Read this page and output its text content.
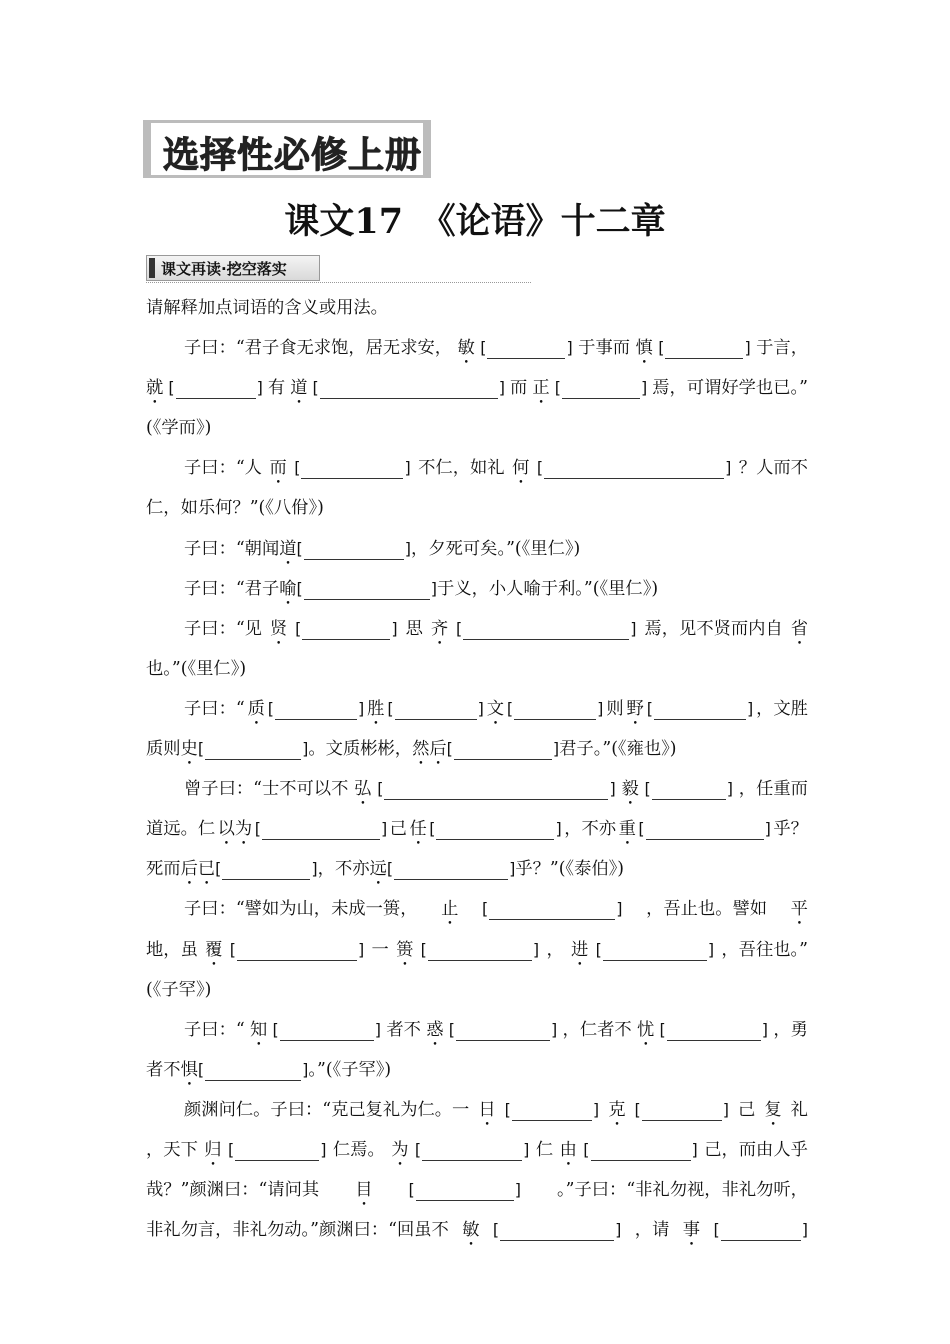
选择性必修上册
课文17　《论语》十二章
课文再读·挖空落实
请解释加点词语的含义或用法。
子曰：“君子食无求饱，居无求安， 敏 [	] 于事而 慎 [	] 于言，
就 [	] 有 道 [	] 而 正 [	] 焉，可谓好学也已。”
(《学而》)
子曰：“人 而 [	] 不仁，如礼 何 [	] ？人而不
仁，如乐何？”(《八佾》)
子曰：“朝闻道[	]，夕死可矣。”(《里仁》)
子曰：“君子喻[	]于义，小人喻于利。”(《里仁》)
子曰：“见 贤 [	] 思 齐 [	] 焉，见不贤而内自 省
也。”(《里仁》)
子曰：“ 质 [	] 胜 [	] 文 [	] 则 野 [	] ，文胜
质则史[	]。文质彬彬，然后[	]君子。”(《雍也》)
曾子曰：“士不可以不 弘 [	] 毅 [	] ，任重而
道远。仁 以为 [	] 己 任 [	] ，不亦 重 [	] 乎？
死而后已[	]，不亦远[	]乎？”(《泰伯》)
子曰：“譬如为山，未成一篑， 止 [	] ，吾止也。譬如 平
地，虽 覆 [	] 一 篑 [	] ， 进 [	] ，吾往也。”
(《子罕》)
子曰：“ 知 [	] 者不 惑 [	] ，仁者不 忧 [	] ，勇
者不惧[	]。”(《子罕》)
颜渊问仁。子曰：“克己复礼为仁。一 日 [	] 克 [	] 己 复 礼
，天下 归 [	] 仁焉。 为 [	] 仁 由 [	] 己，而由人乎
哉？”颜渊曰：“请问其 目 [	] 。”子曰：“非礼勿视，非礼勿听，
非礼勿言，非礼勿动。”颜渊曰：“回虽不 敏 [	] ，请 事 [	]
